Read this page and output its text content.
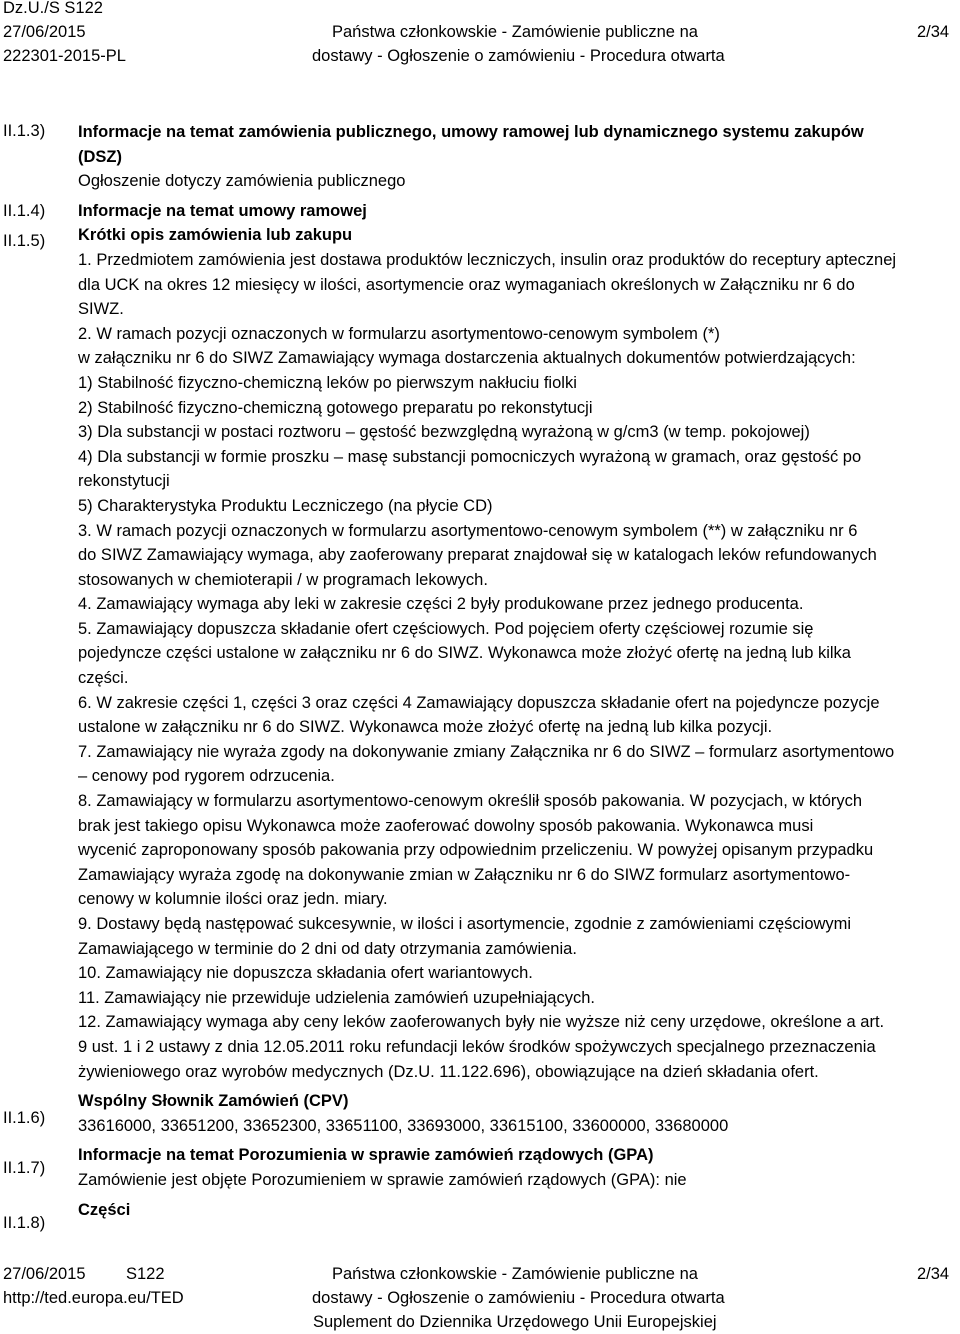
Dz.U./S S122
27/06/2015
222301-2015-PL
Państwa członkowskie - Zamówienie publiczne na
dostawy - Ogłoszenie o zamówieniu - Procedura otwarta
2/34
II.1.3)
II.1.4)
II.1.5)
II.1.6)
II.1.7)
II.1.8)

Informacje na temat zamówienia publicznego, umowy ramowej lub dynamicznego systemu zakupów

(DSZ)

Ogłoszenie dotyczy zamówienia publicznego

Informacje na temat umowy ramowej

Krótki opis zamówienia lub zakupu

1. Przedmiotem zamówienia jest dostawa produktów leczniczych, insulin oraz produktów do receptury aptecznej

dla UCK na okres 12 miesięcy w ilości, asortymencie oraz wymaganiach określonych w Załączniku nr 6 do

SIWZ.

2. W ramach pozycji oznaczonych w formularzu asortymentowo-cenowym symbolem (*)

w załączniku nr 6 do SIWZ Zamawiający wymaga dostarczenia aktualnych dokumentów potwierdzających:

1) Stabilność fizyczno-chemiczną leków po pierwszym nakłuciu fiolki

2) Stabilność fizyczno-chemiczną gotowego preparatu po rekonstytucji

3) Dla substancji w postaci roztworu – gęstość bezwzględną wyrażoną w g/cm3 (w temp. pokojowej)

4) Dla substancji w formie proszku – masę substancji pomocniczych wyrażoną w gramach, oraz gęstość po

rekonstytucji

5) Charakterystyka Produktu Leczniczego (na płycie CD)

3. W ramach pozycji oznaczonych w formularzu asortymentowo-cenowym symbolem (**) w załączniku nr 6

do SIWZ Zamawiający wymaga, aby zaoferowany preparat znajdował się w katalogach leków refundowanych

stosowanych w chemioterapii / w programach lekowych.

4. Zamawiający wymaga aby leki w zakresie części 2 były produkowane przez jednego producenta.

5. Zamawiający dopuszcza składanie ofert częściowych. Pod pojęciem oferty częściowej rozumie się

pojedyncze części ustalone w załączniku nr 6 do SIWZ. Wykonawca może złożyć ofertę na jedną lub kilka

części.

6. W zakresie części 1, części 3 oraz części 4 Zamawiający dopuszcza składanie ofert na pojedyncze pozycje

ustalone w załączniku nr 6 do SIWZ. Wykonawca może złożyć ofertę na jedną lub kilka pozycji.

7. Zamawiający nie wyraża zgody na dokonywanie zmiany Załącznika nr 6 do SIWZ – formularz asortymentowo

– cenowy pod rygorem odrzucenia.

8. Zamawiający w formularzu asortymentowo-cenowym określił sposób pakowania. W pozycjach, w których

brak jest takiego opisu Wykonawca może zaoferować dowolny sposób pakowania. Wykonawca musi

wycenić zaproponowany sposób pakowania przy odpowiednim przeliczeniu. W powyżej opisanym przypadku

Zamawiający wyraża zgodę na dokonywanie zmian w Załączniku nr 6 do SIWZ formularz asortymentowo-

cenowy w kolumnie ilości oraz jedn. miary.

9. Dostawy będą następować sukcesywnie, w ilości i asortymencie, zgodnie z zamówieniami częściowymi

Zamawiającego w terminie do 2 dni od daty otrzymania zamówienia.

10. Zamawiający nie dopuszcza składania ofert wariantowych.

11. Zamawiający nie przewiduje udzielenia zamówień uzupełniających.

12. Zamawiający wymaga aby ceny leków zaoferowanych były nie wyższe niż ceny urzędowe, określone a art.

9 ust. 1 i 2 ustawy z dnia 12.05.2011 roku refundacji leków środków spożywczych specjalnego przeznaczenia

żywieniowego oraz wyrobów medycznych (Dz.U. 11.122.696), obowiązujące na dzień składania ofert.

Wspólny Słownik Zamówień (CPV)

33616000, 33651200, 33652300, 33651100, 33693000, 33615100, 33600000, 33680000

Informacje na temat Porozumienia w sprawie zamówień rządowych (GPA)

Zamówienie jest objęte Porozumieniem w sprawie zamówień rządowych (GPA): nie

Części

27/06/2015 S122
http://ted.europa.eu/TED
Państwa członkowskie - Zamówienie publiczne na
dostawy - Ogłoszenie o zamówieniu - Procedura otwarta
Suplement do Dziennika Urzędowego Unii Europejskiej
2/34
